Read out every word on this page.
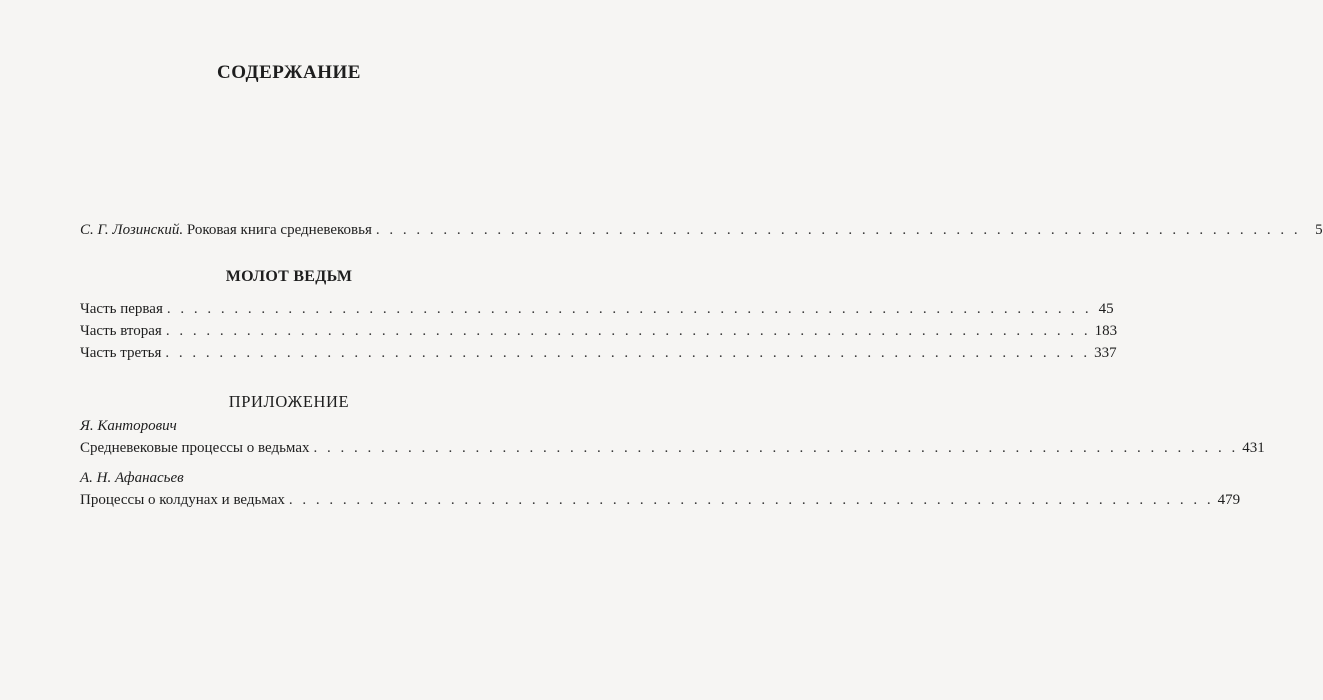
СОДЕРЖАНИЕ
С. Г. Лозинский. Роковая книга средневековья . . . . . . . . . . . . . . . . . . . . . . . . . . . . . . . . . . . . . . . . . . . . . . . . . . . . . . . . . . . . . . . . . . . . . 5
МОЛОТ ВЕДЬМ
Часть первая . . . . . . . . . . . . . . . . . . . . . . . . . . . . . . . . . . . . . . . . . . . . . . . . . . . . . . . . . . . . . . . . . . . . . 45
Часть вторая . . . . . . . . . . . . . . . . . . . . . . . . . . . . . . . . . . . . . . . . . . . . . . . . . . . . . . . . . . . . . . . . . . . . . 183
Часть третья . . . . . . . . . . . . . . . . . . . . . . . . . . . . . . . . . . . . . . . . . . . . . . . . . . . . . . . . . . . . . . . . . . . . . 337
ПРИЛОЖЕНИЕ
Я. Канторович
Средневековые процессы о ведьмах . . . . . . . . . . . . . . . . . . . . . . . . . . . . . . . . . . . . . . . . . . . . . . . . . . . . . . . . . . . . . . . . . . . . . 431
А. Н. Афанасьев
Процессы о колдунах и ведьмах . . . . . . . . . . . . . . . . . . . . . . . . . . . . . . . . . . . . . . . . . . . . . . . . . . . . . . . . . . . . . . . . . . . . . 479
